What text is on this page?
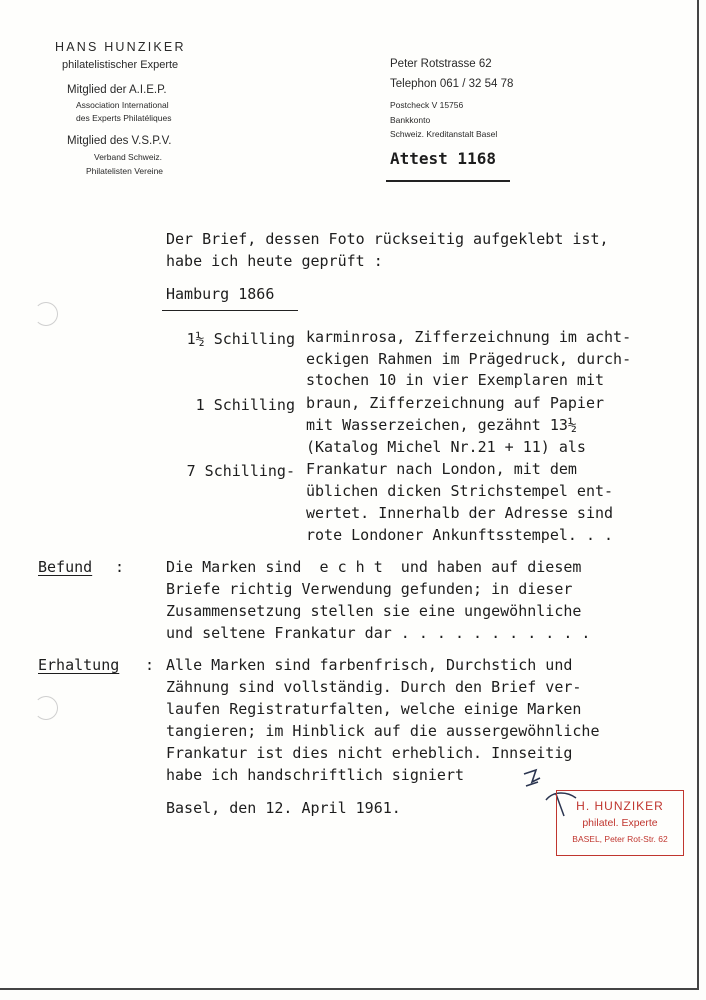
HANS HUNZIKER
philatelistischer Experte
Mitglied der A.I.E.P.
Association International
des Experts Philatéliques
Mitglied des V.S.P.V.
Verband Schweiz.
Philatelisten Vereine
Peter Rotstrasse 62
Telephon 061 / 32 54 78
Postcheck V 15756
Bankkonto
Schweiz. Kreditanstalt Basel
Attest 1168
Der Brief, dessen Foto rückseitig aufgeklebt ist,
habe ich heute geprüft :
Hamburg 1866
1½ Schilling karminrosa, Zifferzeichnung im acht-
eckigen Rahmen im Prägedruck, durch-
stochen 10 in vier Exemplaren mit
1 Schilling braun, Zifferzeichnung auf Papier
mit Wasserzeichen, gezähnt 13½
(Katalog Michel Nr.21 + 11) als
7 Schilling- Frankatur nach London, mit dem
üblichen dicken Strichstempel ent-
wertet. Innerhalb der Adresse sind
rote Londoner Ankunftsstempel. . .
Befund :	Die Marken sind  e c h t  und haben auf diesem
Briefe richtig Verwendung gefunden; in dieser
Zusammensetzung stellen sie eine ungewöhnliche
und seltene Frankatur dar . . . . . . . . . . .
Erhaltung : Alle Marken sind farbenfrisch, Durchstich und
Zähnung sind vollständig. Durch den Brief ver-
laufen Registraturfalten, welche einige Marken
tangieren; im Hinblick auf die aussergewöhnliche
Frankatur ist dies nicht erheblich. Innseitig
habe ich handschriftlich signiert
Basel, den 12. April 1961.	H. HUNZIKER
philatel. Experte
BASEL, Peter Rot-Str. 62
